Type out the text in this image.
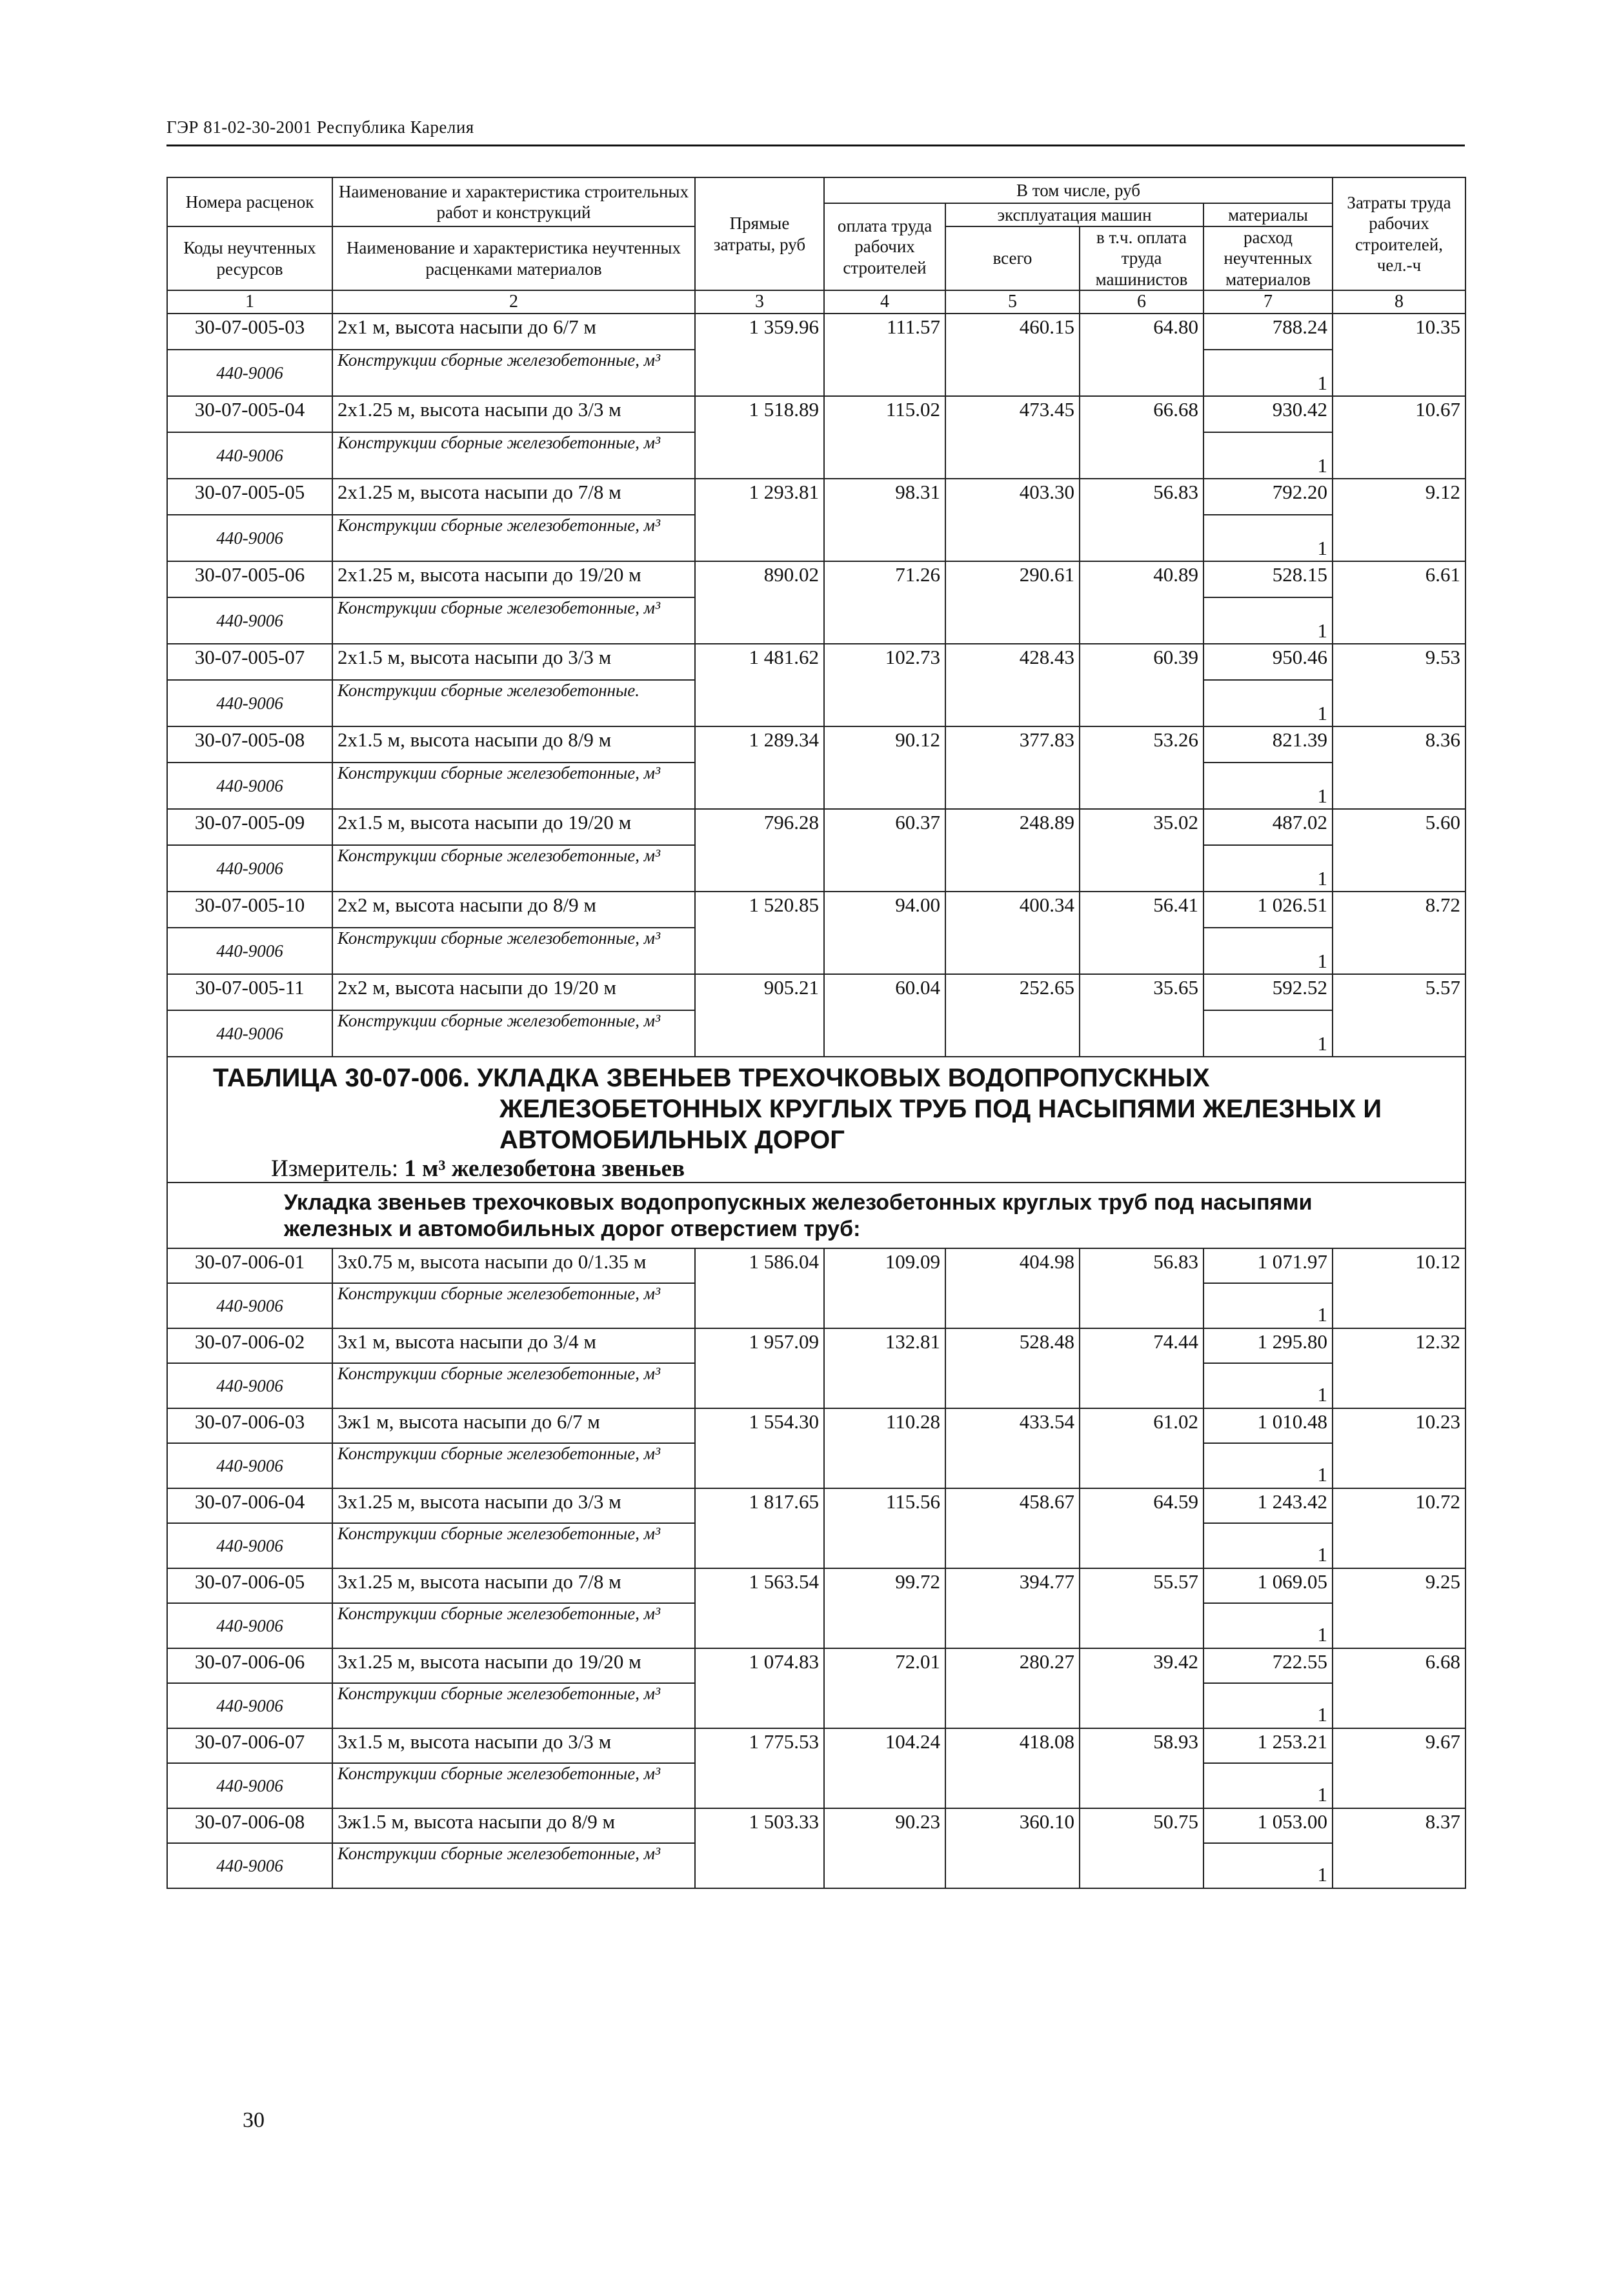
ГЭР 81-02-30-2001 Республика Карелия
Номера расценок	Наименование и характеристика строительных работ и конструкций	Прямые затраты, руб	В том числе, руб				Затраты труда рабочих строителей, чел.-ч
			оплата труда рабочих строителей	эксплуатация машин		материалы	
Коды неучтенных ресурсов	Наименование и характеристика неучтенных расценками материалов			всего	в т.ч. оплата труда машинистов	расход неучтенных материалов	

1	2	3	4	5	6	7	8
30-07-005-03	2х1 м, высота насыпи до 6/7 м	1 359.96	111.57	460.15	64.80	788.24	10.35
440-9006	Конструкции сборные железобетонные, м³					1	
30-07-005-04	2х1.25 м, высота насыпи до 3/3 м	1 518.89	115.02	473.45	66.68	930.42	10.67
440-9006	Конструкции сборные железобетонные, м³					1	
30-07-005-05	2х1.25 м, высота насыпи до 7/8 м	1 293.81	98.31	403.30	56.83	792.20	9.12
440-9006	Конструкции сборные железобетонные, м³					1	
30-07-005-06	2х1.25 м, высота насыпи до 19/20 м	890.02	71.26	290.61	40.89	528.15	6.61
440-9006	Конструкции сборные железобетонные, м³					1	
30-07-005-07	2х1.5 м, высота насыпи до 3/3 м	1 481.62	102.73	428.43	60.39	950.46	9.53
440-9006	Конструкции сборные железобетонные.					1	
30-07-005-08	2х1.5 м, высота насыпи до 8/9 м	1 289.34	90.12	377.83	53.26	821.39	8.36
440-9006	Конструкции сборные железобетонные, м³					1	
30-07-005-09	2х1.5 м, высота насыпи до 19/20 м	796.28	60.37	248.89	35.02	487.02	5.60
440-9006	Конструкции сборные железобетонные, м³					1	
30-07-005-10	2х2 м, высота насыпи до 8/9 м	1 520.85	94.00	400.34	56.41	1 026.51	8.72
440-9006	Конструкции сборные железобетонные, м³					1	
30-07-005-11	2х2 м, высота насыпи до 19/20 м	905.21	60.04	252.65	35.65	592.52	5.57
440-9006	Конструкции сборные железобетонные, м³					1	

ТАБЛИЦА 30-07-006. УКЛАДКА ЗВЕНЬЕВ ТРЕХОЧКОВЫХ ВОДОПРОПУСКНЫХ
ЖЕЛЕЗОБЕТОННЫХ КРУГЛЫХ ТРУБ ПОД НАСЫПЯМИ ЖЕЛЕЗНЫХ И
АВТОМОБИЛЬНЫХ ДОРОГ
Измеритель: 1 м³ железобетона звеньев							

Укладка звеньев трехочковых водопропускных железобетонных круглых труб под насыпями
железных и автомобильных дорог отверстием труб:							

30-07-006-01	3х0.75 м, высота насыпи до 0/1.35 м	1 586.04	109.09	404.98	56.83	1 071.97	10.12
440-9006	Конструкции сборные железобетонные, м³					1	
30-07-006-02	3х1 м, высота насыпи до 3/4 м	1 957.09	132.81	528.48	74.44	1 295.80	12.32
440-9006	Конструкции сборные железобетонные, м³					1	
30-07-006-03	3ж1 м, высота насыпи до 6/7 м	1 554.30	110.28	433.54	61.02	1 010.48	10.23
440-9006	Конструкции сборные железобетонные, м³					1	
30-07-006-04	3х1.25 м, высота насыпи до 3/3 м	1 817.65	115.56	458.67	64.59	1 243.42	10.72
440-9006	Конструкции сборные железобетонные, м³					1	
30-07-006-05	3х1.25 м, высота насыпи до 7/8 м	1 563.54	99.72	394.77	55.57	1 069.05	9.25
440-9006	Конструкции сборные железобетонные, м³					1	
30-07-006-06	3х1.25 м, высота насыпи до 19/20 м	1 074.83	72.01	280.27	39.42	722.55	6.68
440-9006	Конструкции сборные железобетонные, м³					1	
30-07-006-07	3х1.5 м, высота насыпи до 3/3 м	1 775.53	104.24	418.08	58.93	1 253.21	9.67
440-9006	Конструкции сборные железобетонные, м³					1	
30-07-006-08	3ж1.5 м, высота насыпи до 8/9 м	1 503.33	90.23	360.10	50.75	1 053.00	8.37
440-9006	Конструкции сборные железобетонные, м³					1	
30
